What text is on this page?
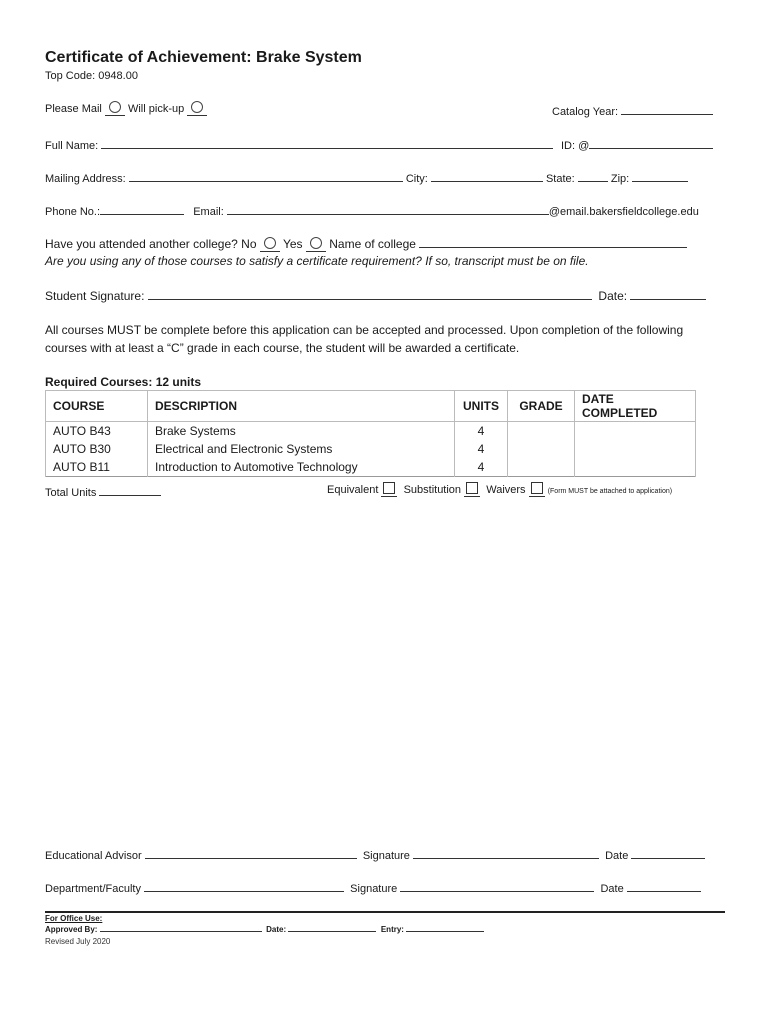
Certificate of Achievement: Brake System
Top Code: 0948.00
Please Mail Will pick-up	Catalog Year:
Full Name:	ID: @
Mailing Address:	City:	State:	Zip:
Phone No.:	Email:	@email.bakersfieldcollege.edu
Have you attended another college? No Yes Name of college
Are you using any of those courses to satisfy a certificate requirement? If so, transcript must be on file.
Student Signature:	Date:
All courses MUST be complete before this application can be accepted and processed. Upon completion of the following
courses with at least a “C” grade in each course, the student will be awarded a certificate.
Required Courses: 12 units
COURSE	DESCRIPTION	UNITS	GRADE	DATE COMPLETED
AUTO B43	Brake Systems	4		
AUTO B30	Electrical and Electronic Systems	4		
AUTO B11	Introduction to Automotive Technology	4		
Total Units	Equivalent Substitution Waivers	(Form MUST be attached to application)
Educational Advisor	Signature	Date
Department/Faculty	Signature	Date
For Office Use:
Approved By:	Date:	Entry:
Revised July 2020
